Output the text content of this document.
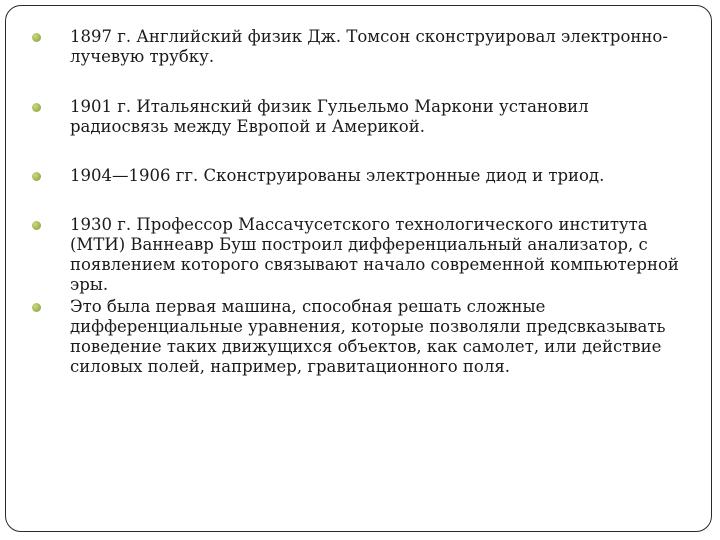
1897 г. Английский физик Дж. Томсон сконструировал электронно-лучевую трубку.
1901 г. Итальянский физик Гульельмо Маркони установил радиосвязь между Европой и Америкой.
1904—1906 гг. Сконструированы электронные диод и триод.
1930 г. Профессор Массачусетского технологического института (МТИ) Ваннеавр Буш построил дифференциальный анализатор, с появлением которого связывают начало современной компьютерной эры.
Это была первая машина, способная решать сложные дифференциальные уравнения, которые позволяли предсвказывать поведение таких движущихся объектов, как самолет, или действие силовых полей, например, гравитационного поля.
